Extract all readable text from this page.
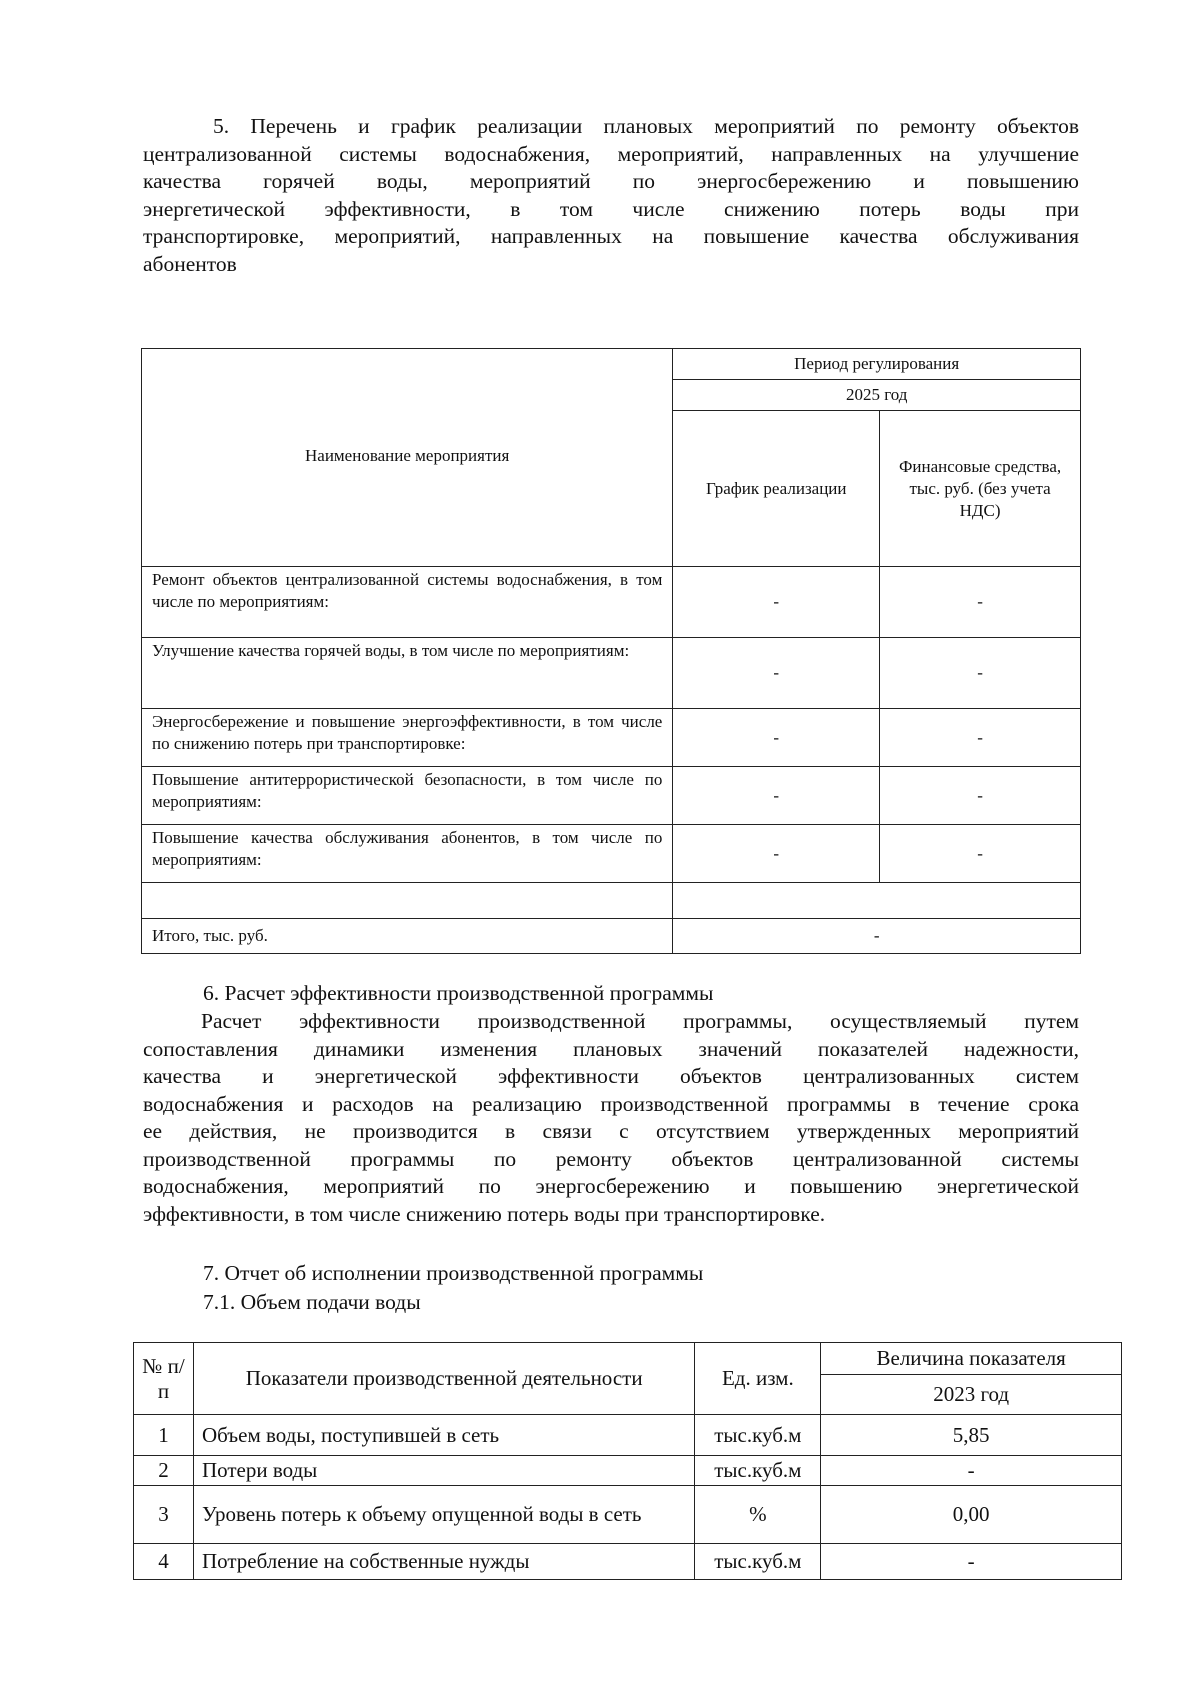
5. Перечень и график реализации плановых мероприятий по ремонту объектов
централизованной системы водоснабжения, мероприятий, направленных на улучшение
качества горячей воды, мероприятий по энергосбережению и повышению
энергетической эффективности, в том числе снижению потерь воды при
транспортировке, мероприятий, направленных на повышение качества обслуживания
абонентов
Наименование мероприятия	Период регулирования	
	2025 год	
	График реализации	Финансовые средства, тыс. руб. (без учета НДС)
Ремонт объектов централизованной системы водоснабжения, в том числе по мероприятиям:	-	-
Улучшение качества горячей воды, в том числе по мероприятиям:	-	-
Энергосбережение и повышение энергоэффективности, в том числе по снижению потерь при транспортировке:	-	-
Повышение антитеррористической безопасности, в том числе по мероприятиям:	-	-
Повышение качества обслуживания абонентов, в том числе по мероприятиям:	-	-

Итого, тыс. руб.	-	
6. Расчет эффективности производственной программы
Расчет эффективности производственной программы, осуществляемый путем
сопоставления динамики изменения плановых значений показателей надежности,
качества и энергетической эффективности объектов централизованных систем
водоснабжения и расходов на реализацию производственной программы в течение срока
ее действия, не производится в связи с отсутствием утвержденных мероприятий
производственной программы по ремонту объектов централизованной системы
водоснабжения, мероприятий по энергосбережению и повышению энергетической
эффективности, в том числе снижению потерь воды при транспортировке.
7. Отчет об исполнении производственной программы
7.1. Объем подачи воды
№ п/п	Показатели производственной деятельности	Ед. изм.	Величина показателя
			2023 год
1	Объем воды, поступившей в сеть	тыс.куб.м	5,85
2	Потери воды	тыс.куб.м	-
3	Уровень потерь к объему опущенной воды в сеть	%	0,00
4	Потребление на собственные нужды	тыс.куб.м	-
